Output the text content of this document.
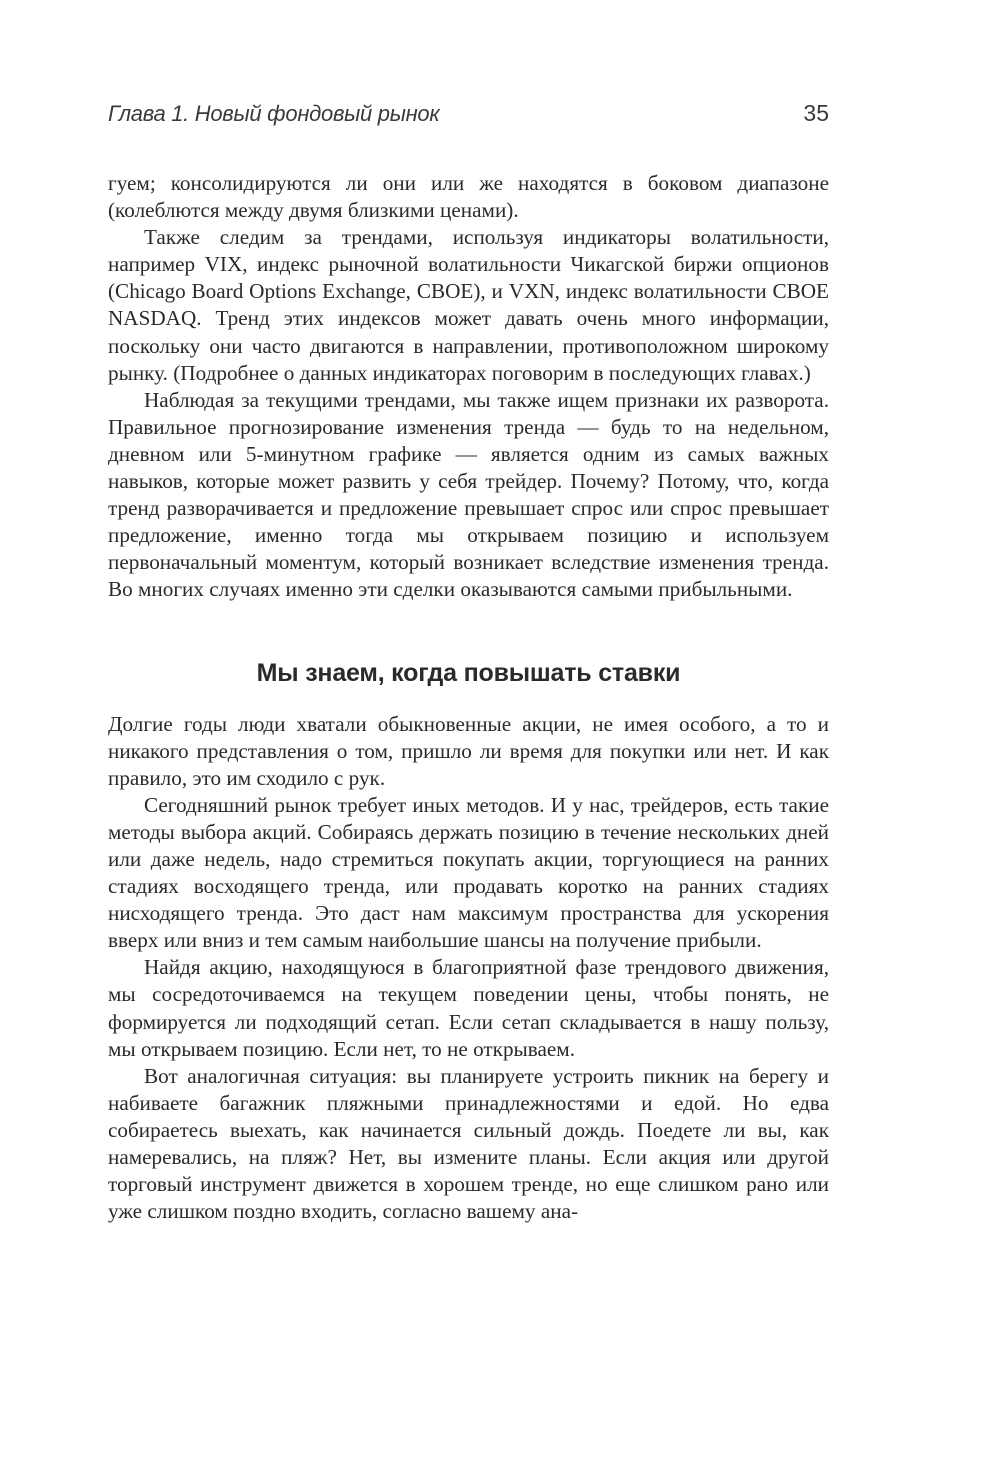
Глава 1. Новый фондовый рынок	35

гуем; консолидируются ли они или же находятся в боковом диапазоне (колеблются между двумя близкими ценами).

Также следим за трендами, используя индикаторы волатильности, например VIX, индекс рыночной волатильности Чикагской биржи опционов (Chicago Board Options Exchange, CBOE), и VXN, индекс волатильности CBOE NASDAQ. Тренд этих индексов может давать очень много информации, поскольку они часто двигаются в направлении, противоположном широкому рынку. (Подробнее о данных индикаторах поговорим в последующих главах.)

Наблюдая за текущими трендами, мы также ищем признаки их разворота. Правильное прогнозирование изменения тренда — будь то на недельном, дневном или 5-минутном графике — является одним из самых важных навыков, которые может развить у себя трейдер. Почему? Потому, что, когда тренд разворачивается и предложение превышает спрос или спрос превышает предложение, именно тогда мы открываем позицию и используем первоначальный моментум, который возникает вследствие изменения тренда. Во многих случаях именно эти сделки оказываются самыми прибыльными.

Мы знаем, когда повышать ставки

Долгие годы люди хватали обыкновенные акции, не имея особого, а то и никакого представления о том, пришло ли время для покупки или нет. И как правило, это им сходило с рук.

Сегодняшний рынок требует иных методов. И у нас, трейдеров, есть такие методы выбора акций. Собираясь держать позицию в течение нескольких дней или даже недель, надо стремиться покупать акции, торгующиеся на ранних стадиях восходящего тренда, или продавать коротко на ранних стадиях нисходящего тренда. Это даст нам максимум пространства для ускорения вверх или вниз и тем самым наибольшие шансы на получение прибыли.

Найдя акцию, находящуюся в благоприятной фазе трендового движения, мы сосредоточиваемся на текущем поведении цены, чтобы понять, не формируется ли подходящий сетап. Если сетап складывается в нашу пользу, мы открываем позицию. Если нет, то не открываем.

Вот аналогичная ситуация: вы планируете устроить пикник на берегу и набиваете багажник пляжными принадлежностями и едой. Но едва собираетесь выехать, как начинается сильный дождь. Поедете ли вы, как намеревались, на пляж? Нет, вы измените планы. Если акция или другой торговый инструмент движется в хорошем тренде, но еще слишком рано или уже слишком поздно входить, согласно вашему ана-
